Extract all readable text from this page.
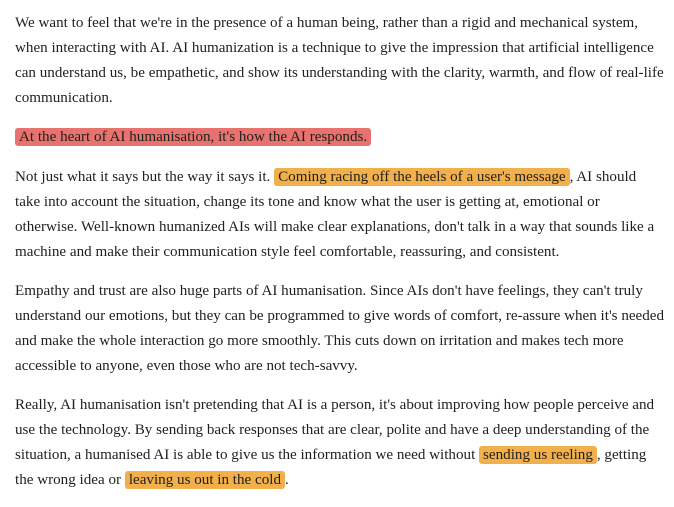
We want to feel that we're in the presence of a human being, rather than a rigid and mechanical system, when interacting with AI. AI humanization is a technique to give the impression that artificial intelligence can understand us, be empathetic, and show its understanding with the clarity, warmth, and flow of real-life communication.

At the heart of AI humanisation, it's how the AI responds.

Not just what it says but the way it says it. Coming racing off the heels of a user's message , AI should take into account the situation, change its tone and know what the user is getting at, emotional or otherwise. Well-known humanized AIs will make clear explanations, don't talk in a way that sounds like a machine and make their communication style feel comfortable, reassuring, and consistent.

Empathy and trust are also huge parts of AI humanisation. Since AIs don't have feelings, they can't truly understand our emotions, but they can be programmed to give words of comfort, re-assure when it's needed and make the whole interaction go more smoothly. This cuts down on irritation and makes tech more accessible to anyone, even those who are not tech-savvy.

Really, AI humanisation isn't pretending that AI is a person, it's about improving how people perceive and use the technology. By sending back responses that are clear, polite and have a deep understanding of the situation, a humanised AI is able to give us the information we need without sending us reeling , getting the wrong idea or leaving us out in the cold .
